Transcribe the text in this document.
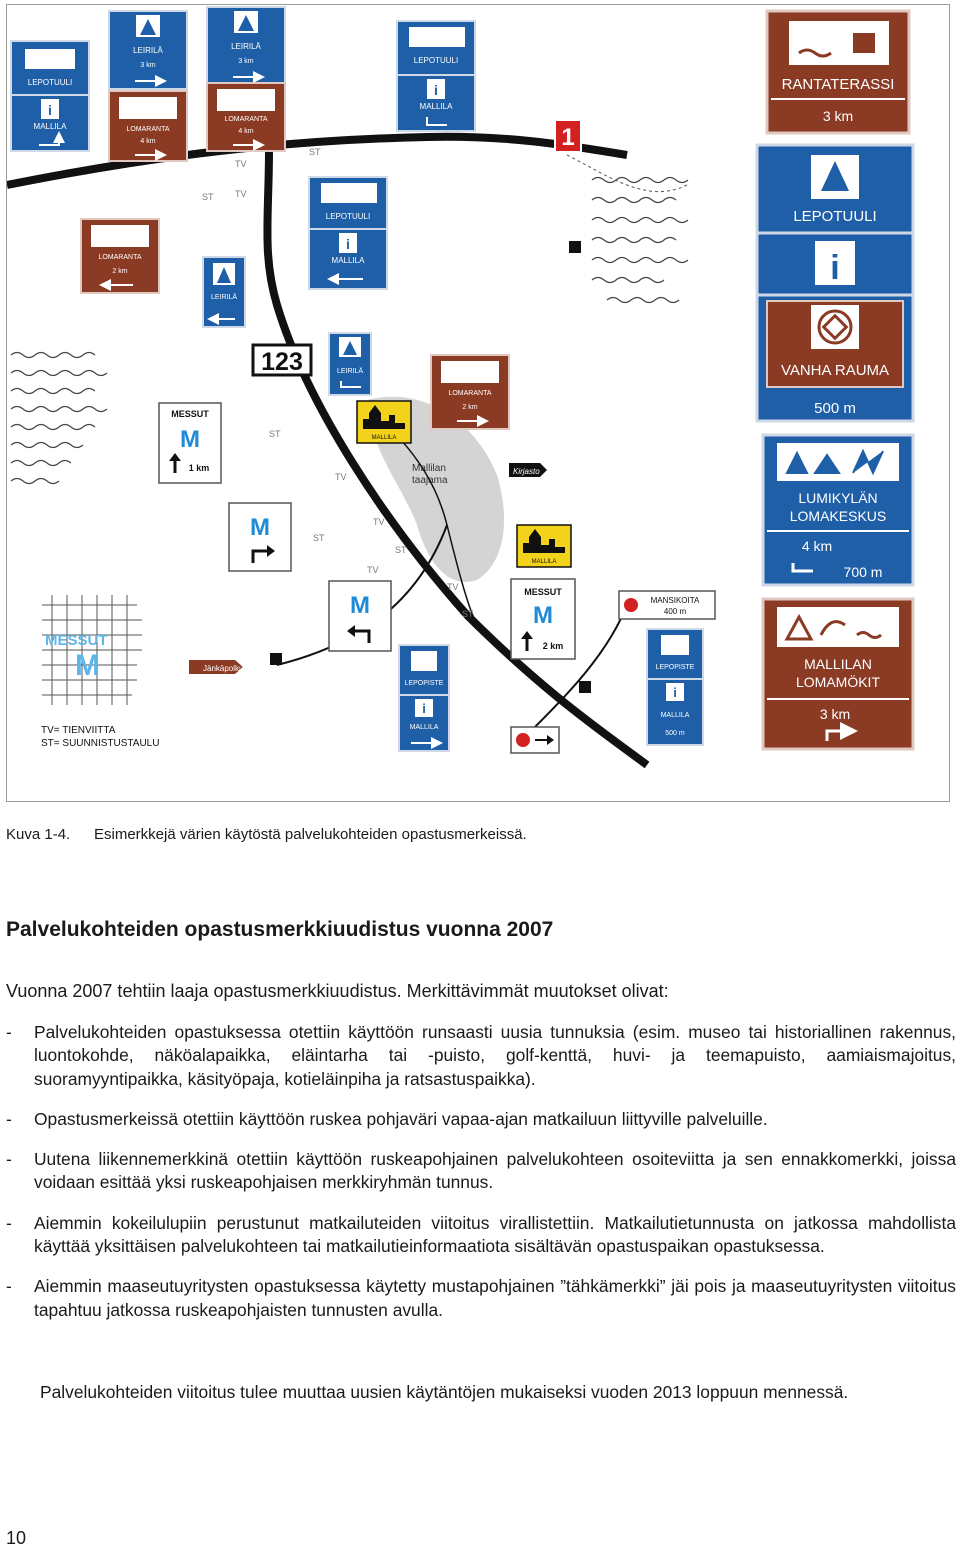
Mallilan
taajama
MESSUT
M
1
123
TV
ST
ST TV
ST
TV
TV
ST
ST
TV
TV
ST
Kirjasto
Jänkäpolku
MALLILA
MALLILA
LEPOTUULI
i
MALLILA
LEIRILÄ
3 km
LOMARANTA
4 km
LEIRILÄ
3 km
LOMARANTA
4 km
LEPOTUULI
i
MALLILA
LEPOTUULI
i
MALLILA
LOMARANTA
2 km
LEIRILÄ
LEIRILÄ
LOMARANTA
2 km
MESSUT
M
1 km
M
M	MESSUT
M
2 km
LEPOPISTE
i
MALLILA
MANSIKOITA
400 m
LEPOPISTE
i
MALLILA
500 m
RANTATERASSI
3 km
LEPOTUULI
i
VANHA RAUMA
500 m
LUMIKYLÄN
LOMAKESKUS
4 km
700 m
MALLILAN
LOMAMÖKIT
3 km
TV= TIENVIITTA
ST= SUUNNISTUSTAULU
Kuva 1-4. Esimerkkejä värien käytöstä palvelukohteiden opastusmerkeissä.
Palvelukohteiden opastusmerkkiuudistus vuonna 2007
Vuonna 2007 tehtiin laaja opastusmerkkiuudistus. Merkittävimmät muutokset olivat:
- Palvelukohteiden opastuksessa otettiin käyttöön runsaasti uusia tunnuksia (esim. museo tai historiallinen rakennus, luontokohde, näköalapaikka, eläintarha tai -puisto, golf-kenttä, huvi- ja teemapuisto, aamiaismajoitus, suoramyyntipaikka, käsityöpaja, kotieläinpiha ja ratsastuspaikka).
- Opastusmerkeissä otettiin käyttöön ruskea pohjaväri vapaa-ajan matkailuun liittyville palveluille.
- Uutena liikennemerkkinä otettiin käyttöön ruskeapohjainen palvelukohteen osoiteviitta ja sen ennakkomerkki, joissa voidaan esittää yksi ruskeapohjaisen merkkiryhmän tunnus.
- Aiemmin kokeilulupiin perustunut matkailuteiden viitoitus virallistettiin. Matkailutietunnusta on jatkossa mahdollista käyttää yksittäisen palvelukohteen tai matkailutieinformaatiota sisältävän opastuspaikan opastuksessa.
- Aiemmin maaseutuyritysten opastuksessa käytetty mustapohjainen ”tähkämerkki” jäi pois ja maaseutuyritysten viitoitus tapahtuu jatkossa ruskeapohjaisten tunnusten avulla.
Palvelukohteiden viitoitus tulee muuttaa uusien käytäntöjen mukaiseksi vuoden 2013 loppuun mennessä.
10
